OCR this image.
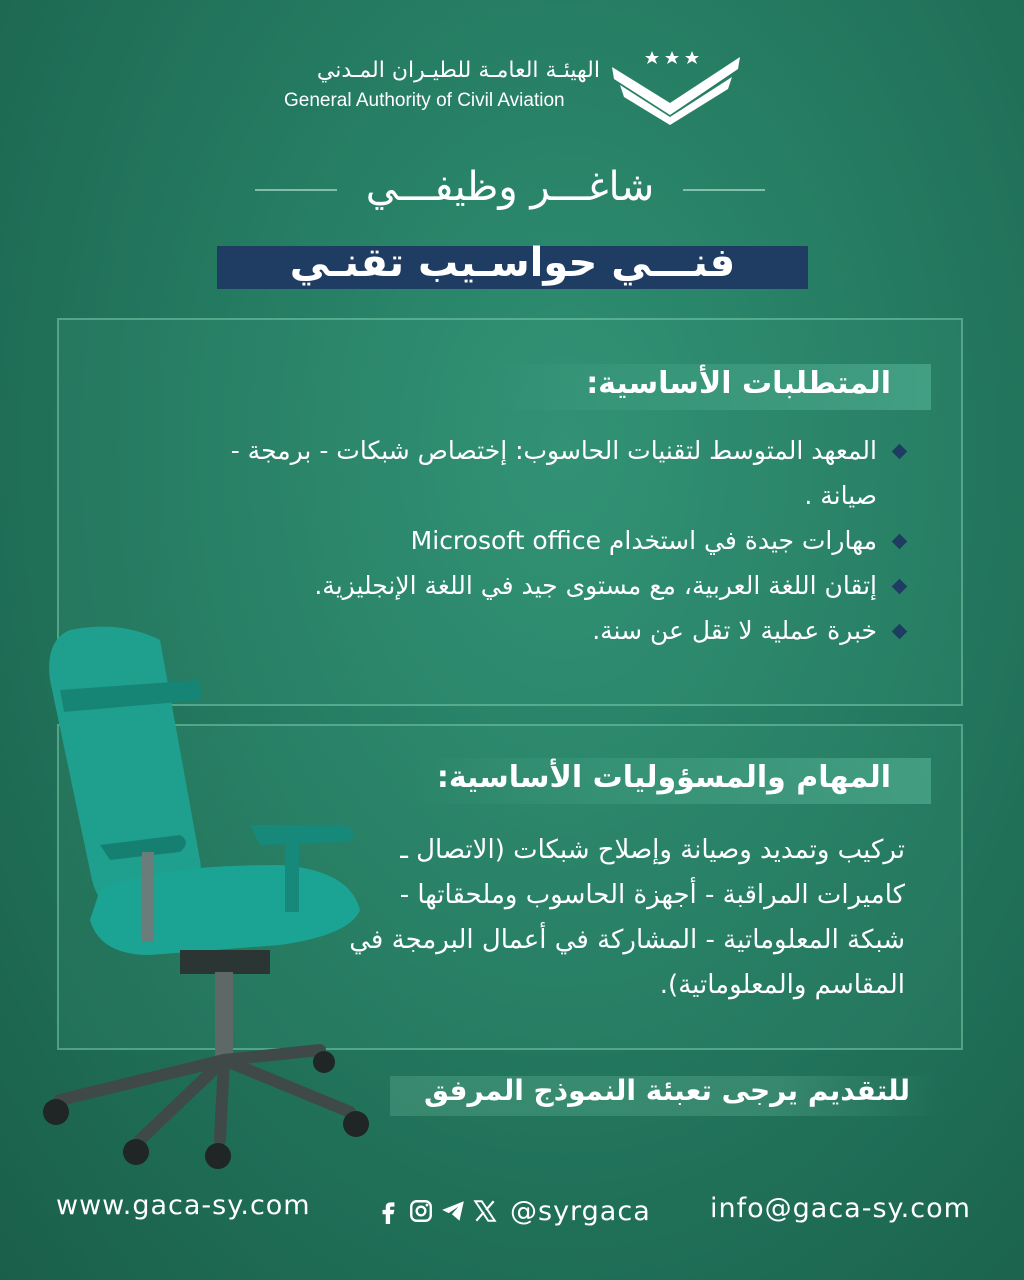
الهيئـة العامـة للطيـران المـدني
General Authority of Civil Aviation
شاغـــر وظيفـــي
فنـــي حواسـيب تقنـي
المتطلبات الأساسية:
المعهد المتوسط لتقنيات الحاسوب: إختصاص شبكات - برمجة - صيانة .
مهارات جيدة في استخدام Microsoft office
إتقان اللغة العربية، مع مستوى جيد في اللغة الإنجليزية.
خبرة عملية لا تقل عن سنة.
المهام والمسؤوليات الأساسية:

تركيب وتمديد وصيانة وإصلاح شبكات (الاتصال ـ كاميرات المراقبة - أجهزة الحاسوب وملحقاتها - شبكة المعلوماتية - المشاركة في أعمال البرمجة في المقاسم والمعلوماتية).

للتقديم يرجى تعبئة النموذج المرفق
www.gaca-sy.com	@syrgaca info@gaca-sy.com
